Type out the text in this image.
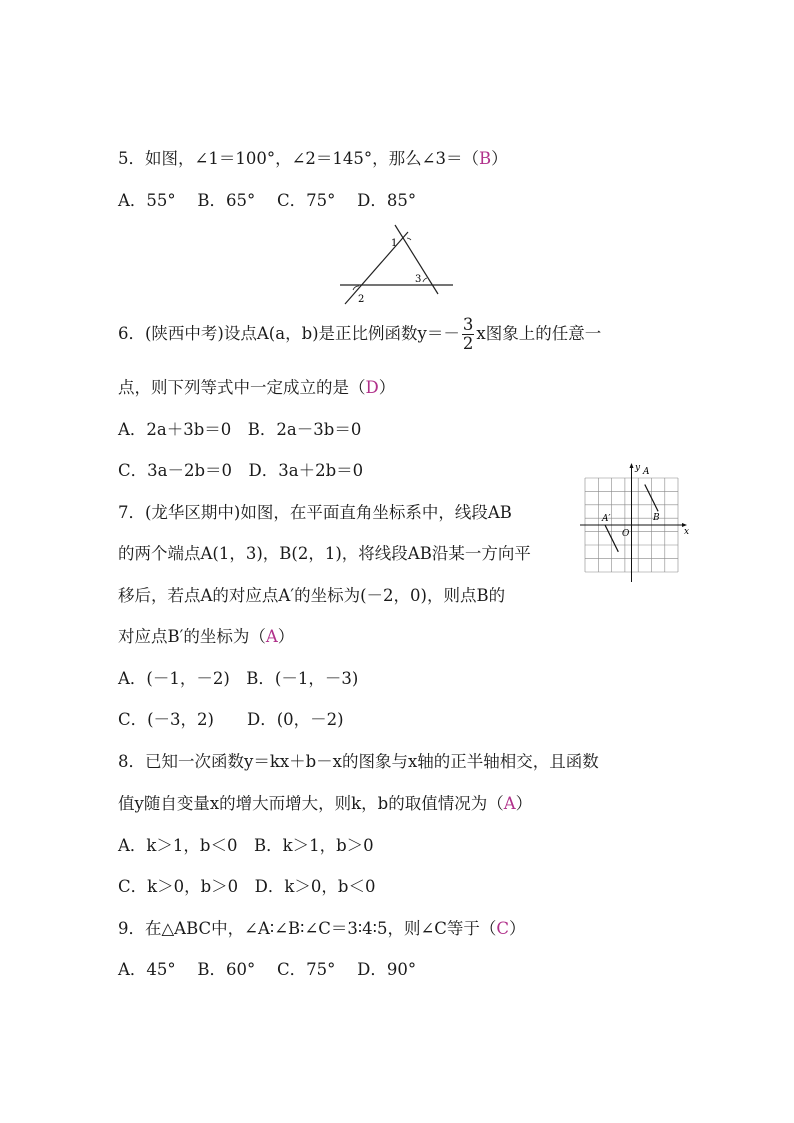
5．如图，∠1＝100°，∠2＝145°，那么∠3＝（B）
A．55°　 B．65°　 C．75°　 D．85°
1
2
3
6．(陕西中考)设点A(a，b)是正比例函数$y=- \frac{3}{2}$ x图象上的任意一
点，则下列等式中一定成立的是（D）
A．2a＋3b＝0　B．2a－3b＝0
C．3a－2b＝0　D．3a＋2b＝0
7．(龙华区期中)如图，在平面直角坐标系中，线段AB
的两个端点A(1，3)，B(2，1)，将线段AB沿某一方向平
移后，若点A的对应点A′的坐标为(－2，0)，则点B的
对应点B′的坐标为（A）
A．(－1，－2)　B．(－1，－3)
C．(－3，2)　　D．(0，－2)
y
x
O
A
B
A′
8．已知一次函数y＝kx＋b－x的图象与x轴的正半轴相交，且函数
值y随自变量x的增大而增大，则k，b的取值情况为（A）
A．k＞1，b＜0　B．k＞1，b＞0
C．k＞0，b＞0　D．k＞0，b＜0
9．在△ABC中，∠A∶∠B∶∠C＝3∶4∶5，则∠C等于（C）
A．45°　 B．60°　 C．75°　 D．90°
